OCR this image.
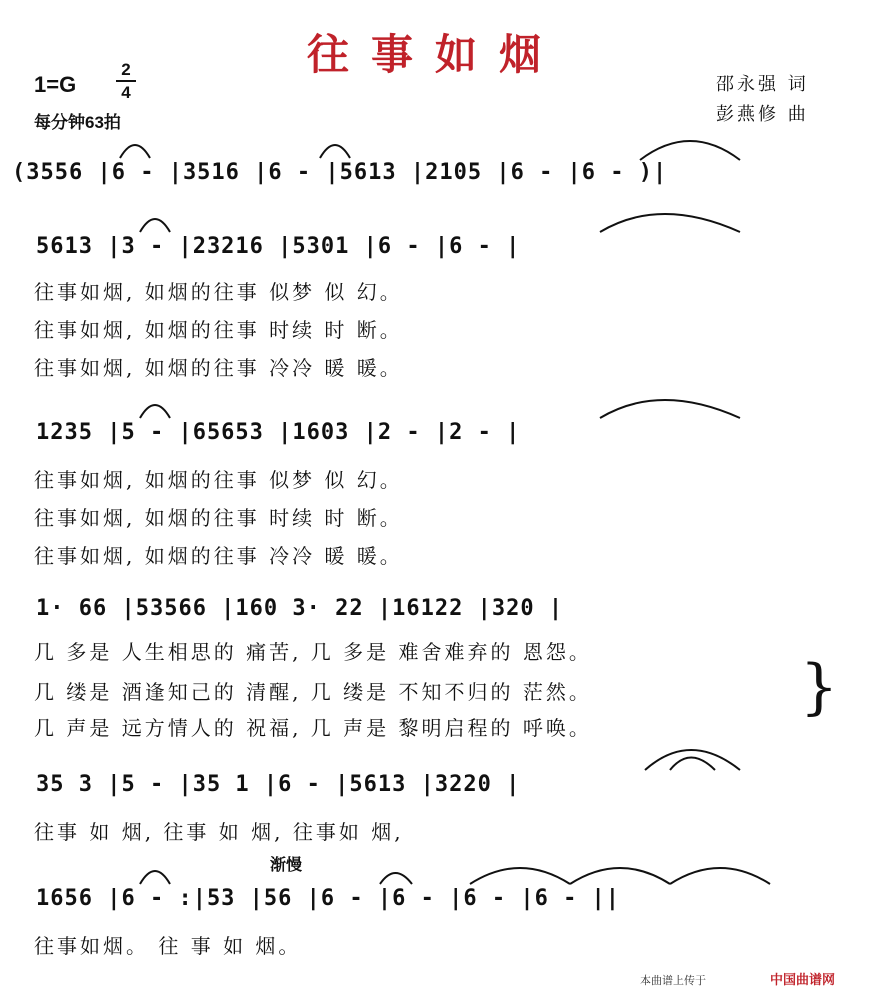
往事如烟
1=G
2
4
每分钟63拍
邵永强 词
彭燕修 曲
(3556 |6 - |3516 |6 - |5613 |2105 |6 - |6 - )|
5613 |3 - |23216 |5301 |6 - |6 - |
往事如烟, 如烟的往事 似梦 似 幻。
往事如烟, 如烟的往事 时续 时 断。
往事如烟, 如烟的往事 冷冷 暖 暖。
1235 |5 - |65653 |1603 |2 - |2 - |
往事如烟, 如烟的往事 似梦 似 幻。
往事如烟, 如烟的往事 时续 时 断。
往事如烟, 如烟的往事 冷冷 暖 暖。
1· 66 |53566 |160 3· 22 |16122 |320 |
几 多是 人生相思的 痛苦, 几 多是 难舍难弃的 恩怨。
几 缕是 酒逢知己的 清醒, 几 缕是 不知不归的 茫然。
几 声是 远方情人的 祝福, 几 声是 黎明启程的 呼唤。
}
35 3 |5 - |35 1 |6 - |5613 |3220 |
往事 如 烟, 往事 如 烟, 往事如 烟,
渐慢
1656 |6 - :|53 |56 |6 - |6 - |6 - |6 - ||
往事如烟。 往 事 如 烟。
本曲谱上传于	中国曲谱网
